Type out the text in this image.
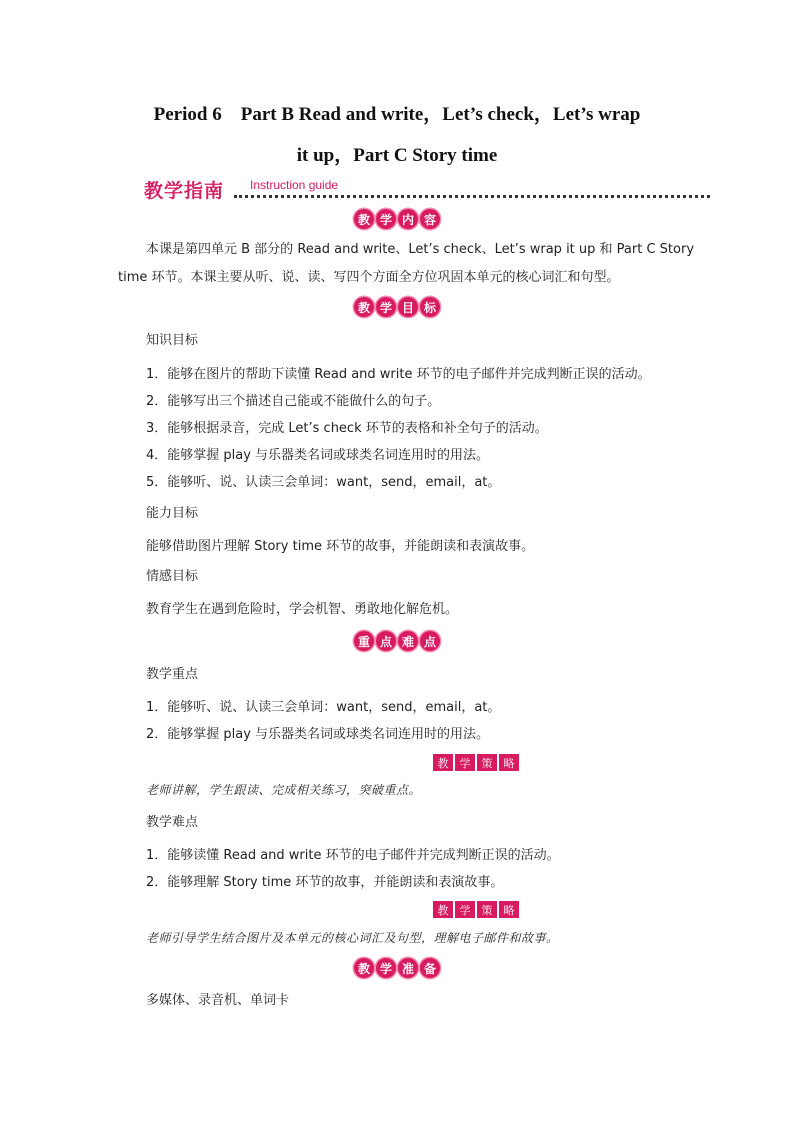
Period 6　Part B Read and write，Let’s check，Let’s wrap
it up，Part C Story time
教学指南 Instruction guide
教 学 内 容
本课是第四单元 B 部分的 Read and write、Let’s check、Let’s wrap it up 和 Part C Story
time 环节。本课主要从听、说、读、写四个方面全方位巩固本单元的核心词汇和句型。
教 学 目 标
知识目标
1．能够在图片的帮助下读懂 Read and write 环节的电子邮件并完成判断正误的活动。
2．能够写出三个描述自己能或不能做什么的句子。
3．能够根据录音，完成 Let’s check 环节的表格和补全句子的活动。
4．能够掌握 play 与乐器类名词或球类名词连用时的用法。
5．能够听、说、认读三会单词：want，send，email，at。
能力目标
能够借助图片理解 Story time 环节的故事，并能朗读和表演故事。
情感目标
教育学生在遇到危险时，学会机智、勇敢地化解危机。
重 点 难 点
教学重点
1．能够听、说、认读三会单词：want，send，email，at。
2．能够掌握 play 与乐器类名词或球类名词连用时的用法。
教	学	策	略
老师讲解，学生跟读、完成相关练习，突破重点。
教学难点
1．能够读懂 Read and write 环节的电子邮件并完成判断正误的活动。
2．能够理解 Story time 环节的故事，并能朗读和表演故事。
教	学	策	略
老师引导学生结合图片及本单元的核心词汇及句型，理解电子邮件和故事。
教 学 准 备
多媒体、录音机、单词卡
